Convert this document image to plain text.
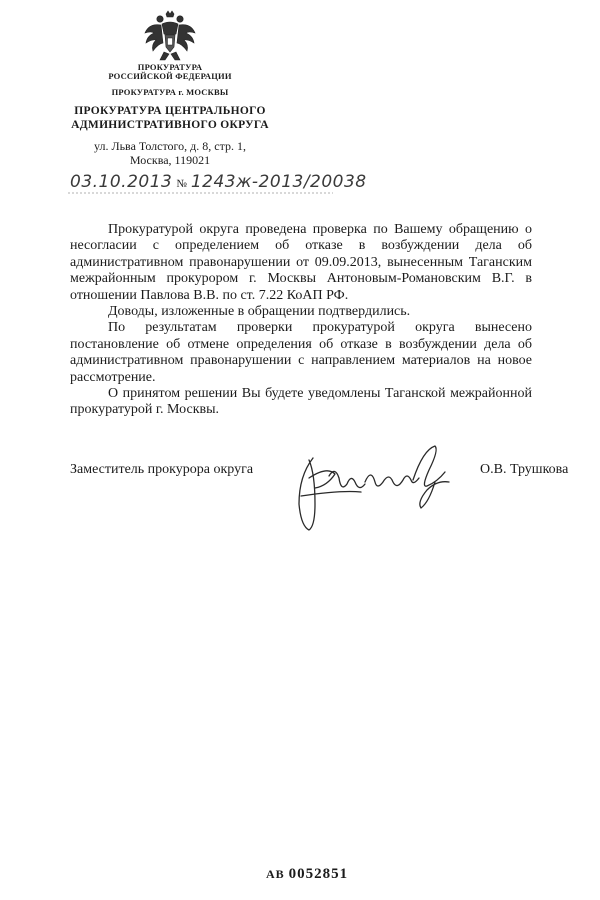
ПРОКУРАТУРА
РОССИЙСКОЙ ФЕДЕРАЦИИ
ПРОКУРАТУРА г. МОСКВЫ
ПРОКУРАТУРА ЦЕНТРАЛЬНОГО
АДМИНИСТРАТИВНОГО ОКРУГА
ул. Льва Толстого, д. 8, стр. 1,
Москва, 119021
03.10.2013 № 1243ж-2013/20038

Прокуратурой округа проведена проверка по Вашему обращению о несогласии с определением об отказе в возбуждении дела об административном правонарушении от 09.09.2013, вынесенным Таганским межрайонным прокурором г. Москвы Антоновым-Романовским В.Г. в отношении Павлова В.В. по ст. 7.22 КоАП РФ.

Доводы, изложенные в обращении подтвердились.

По результатам проверки прокуратурой округа вынесено постановление об отмене определения об отказе в возбуждении дела об административном правонарушении с направлением материалов на новое рассмотрение.

О принятом решении Вы будете уведомлены Таганской межрайонной прокуратурой г. Москвы.

Заместитель прокурора округа	О.В. Трушкова
АВ 0052851
